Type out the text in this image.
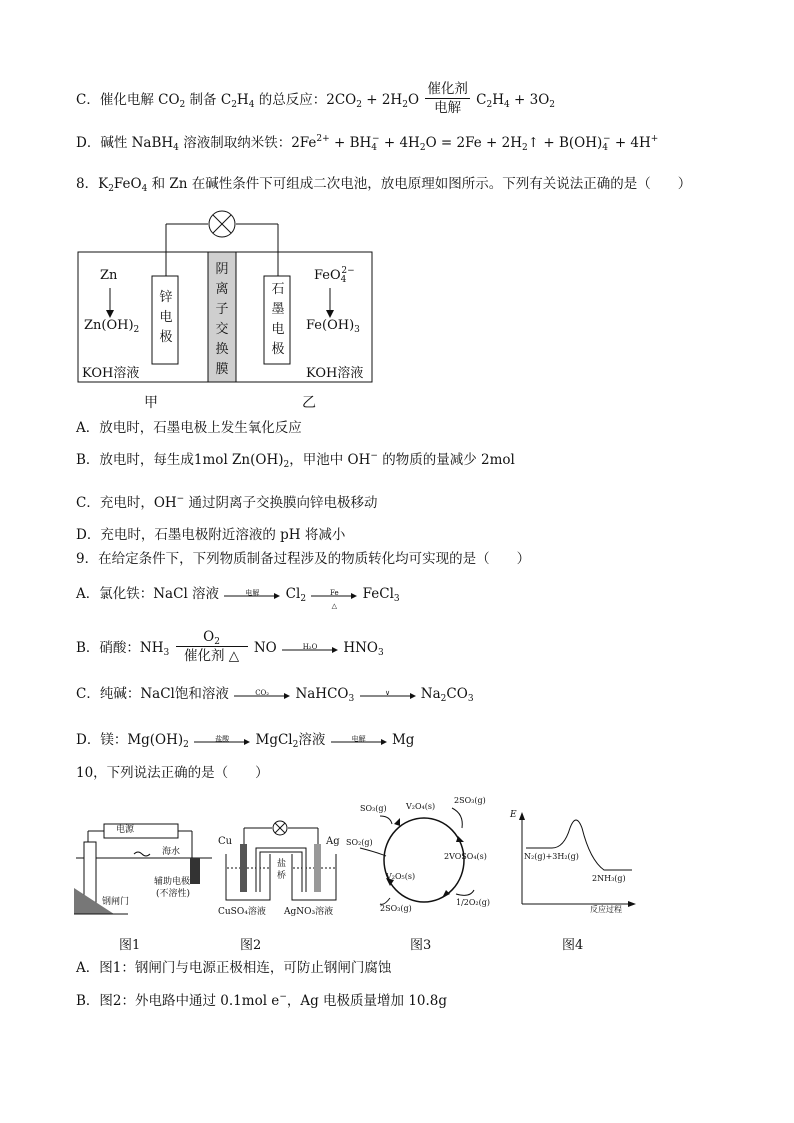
C．催化电解 $CO_2$ 制备 $C_2H_4$ 的总反应：$2CO_2 + 2H_2O$
催化剂
电解	$C_2H_4 + 3O_2$
D．碱性 NaBH$_4$ 溶液制取纳米铁：$2Fe^{2+} + BH_4^- + 4H_2O = 2Fe$ + $2H_2↑ + B(OH)_4^- + 4H^+$
8．$K_2FeO_4$ 和 Zn 在碱性条件下可组成二次电池，放电原理如图所示。下列有关说法正确的是（　　）
Zn
$Zn(OH)_2$
锌
电
极
阴
离
子
交
换
膜
石
墨
电
极
FeO$_4^{2-}$
$Fe(OH)_3$
KOH溶液	KOH溶液
甲	乙
A．放电时，石墨电极上发生氧化反应
B．放电时，每生成1mol $Zn(OH)_2$，甲池中 OH− 的物质的量减少 2mol
C．充电时，OH− 通过阴离子交换膜向锌电极移动
D．充电时，石墨电极附近溶液的 pH 将减小
9．在给定条件下，下列物质制备过程涉及的物质转化均可实现的是（　　）
A．氯化铁：NaCl 溶液	电解	$Cl_2$
Fe
△
FeCl$_3$
B．硝酸：$NH_3$
$O_2$
催化剂 △	NO	H₂O	$HNO_3$
C．纯碱：NaCl饱和溶液	CO₂	NaHCO$_3$
∨	$Na_2CO_3$
D．镁：$Mg(OH)_2$
盐酸	MgCl$_2$溶液	电解	Mg
10，下列说法正确的是（　　）
电源
海水
辅助电极
(不溶性)
钢闸门
图1
Cu	Ag
盐
桥
CuSO₄溶液 AgNO₃溶液
图2
SO₃(g) V₂O₄(s)
2SO₃(g)
SO₂(g)
2VOSO₄(s)
V₂O₅(s)
2SO₃(g)
1/2O₂(g)
图3
E
N₂(g)+3H₂(g)
2NH₃(g)
反应过程
图4
A．图1：钢闸门与电源正极相连，可防止钢闸门腐蚀
B．图2：外电路中通过 0.1mol e−，Ag 电极质量增加 10.8g
